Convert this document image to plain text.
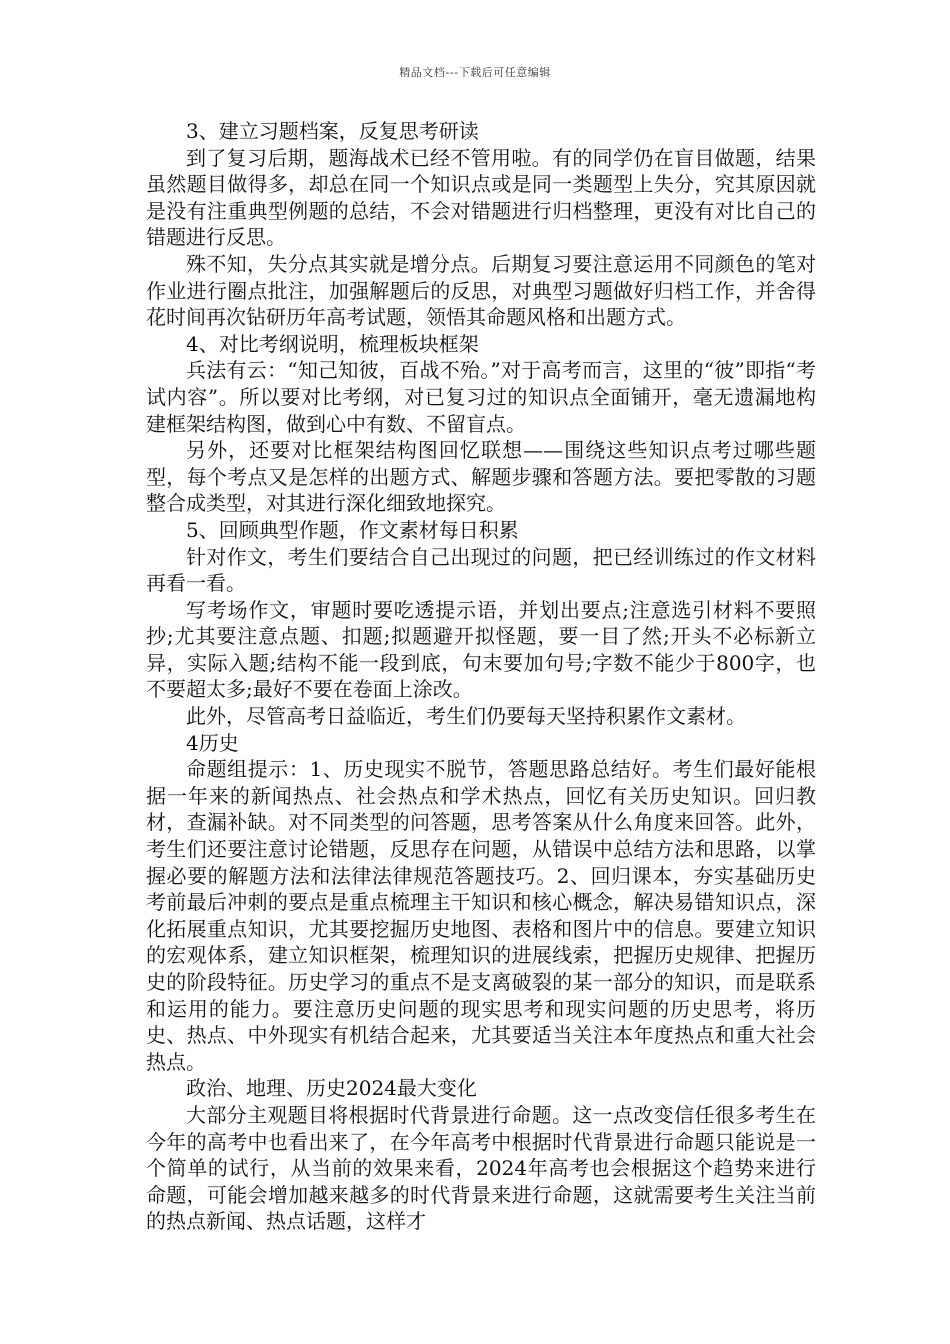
精品文档---下载后可任意编辑

3、建立习题档案，反复思考研读

到了复习后期，题海战术已经不管用啦。有的同学仍在盲目做题，结果虽然题目做得多，却总在同一个知识点或是同一类题型上失分，究其原因就是没有注重典型例题的总结，不会对错题进行归档整理，更没有对比自己的错题进行反思。

殊不知，失分点其实就是增分点。后期复习要注意运用不同颜色的笔对作业进行圈点批注，加强解题后的反思，对典型习题做好归档工作，并舍得花时间再次钻研历年高考试题，领悟其命题风格和出题方式。

4、对比考纲说明，梳理板块框架

兵法有云：“知己知彼，百战不殆。”对于高考而言，这里的“彼”即指“考试内容”。所以要对比考纲，对已复习过的知识点全面铺开，毫无遗漏地构建框架结构图，做到心中有数、不留盲点。

另外，还要对比框架结构图回忆联想——围绕这些知识点考过哪些题型，每个考点又是怎样的出题方式、解题步骤和答题方法。要把零散的习题整合成类型，对其进行深化细致地探究。

5、回顾典型作题，作文素材每日积累

针对作文，考生们要结合自己出现过的问题，把已经训练过的作文材料再看一看。

写考场作文，审题时要吃透提示语，并划出要点;注意选引材料不要照抄;尤其要注意点题、扣题;拟题避开拟怪题，要一目了然;开头不必标新立异，实际入题;结构不能一段到底，句末要加句号;字数不能少于800字，也不要超太多;最好不要在卷面上涂改。

此外，尽管高考日益临近，考生们仍要每天坚持积累作文素材。

4历史

命题组提示：1、历史现实不脱节，答题思路总结好。考生们最好能根据一年来的新闻热点、社会热点和学术热点，回忆有关历史知识。回归教材，查漏补缺。对不同类型的问答题，思考答案从什么角度来回答。此外，考生们还要注意讨论错题，反思存在问题，从错误中总结方法和思路，以掌握必要的解题方法和法律法律规范答题技巧。2、回归课本，夯实基础历史考前最后冲刺的要点是重点梳理主干知识和核心概念，解决易错知识点，深化拓展重点知识，尤其要挖掘历史地图、表格和图片中的信息。要建立知识的宏观体系，建立知识框架，梳理知识的进展线索，把握历史规律、把握历史的阶段特征。历史学习的重点不是支离破裂的某一部分的知识，而是联系和运用的能力。要注意历史问题的现实思考和现实问题的历史思考，将历史、热点、中外现实有机结合起来，尤其要适当关注本年度热点和重大社会热点。

政治、地理、历史2024最大变化

大部分主观题目将根据时代背景进行命题。这一点改变信任很多考生在今年的高考中也看出来了，在今年高考中根据时代背景进行命题只能说是一个简单的试行，从当前的效果来看，2024年高考也会根据这个趋势来进行命题，可能会增加越来越多的时代背景来进行命题，这就需要考生关注当前的热点新闻、热点话题，这样才
